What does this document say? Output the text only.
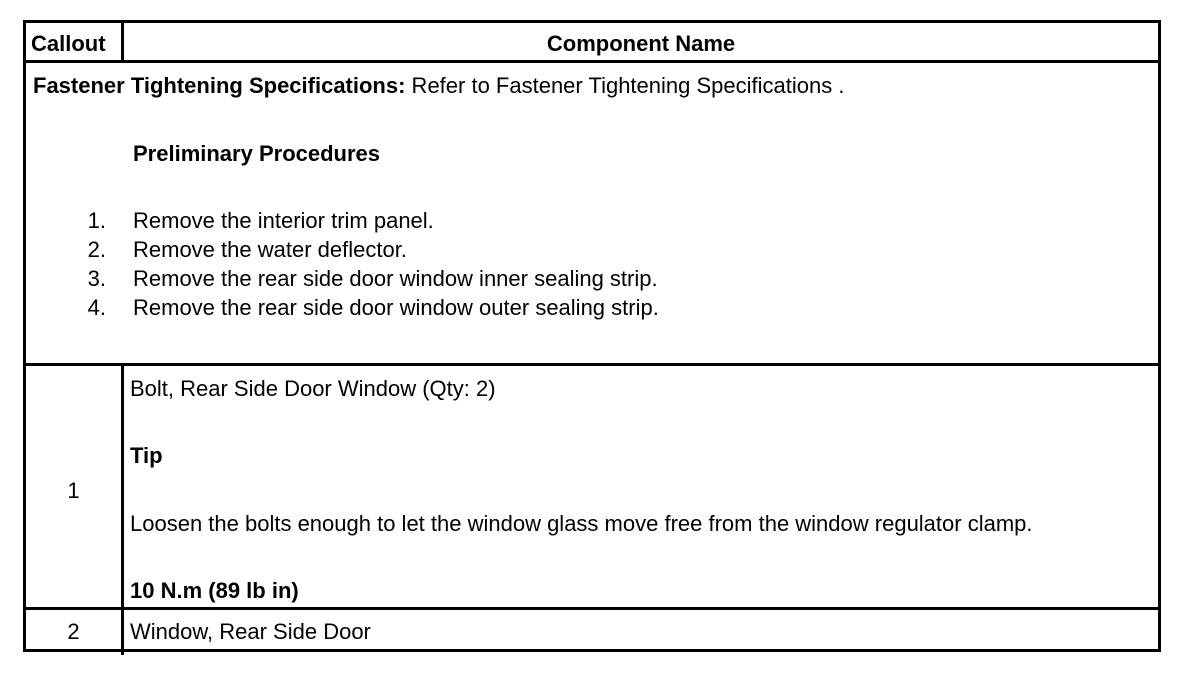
Callout	Component Name
Fastener Tightening Specifications: Refer to Fastener Tightening Specifications .
Preliminary Procedures
1. Remove the interior trim panel.
2. Remove the water deflector.
3. Remove the rear side door window inner sealing strip.
4. Remove the rear side door window outer sealing strip.
1
Bolt, Rear Side Door Window (Qty: 2)
Tip
Loosen the bolts enough to let the window glass move free from the window regulator clamp.
10 N.m (89 lb in)
2	Window, Rear Side Door
